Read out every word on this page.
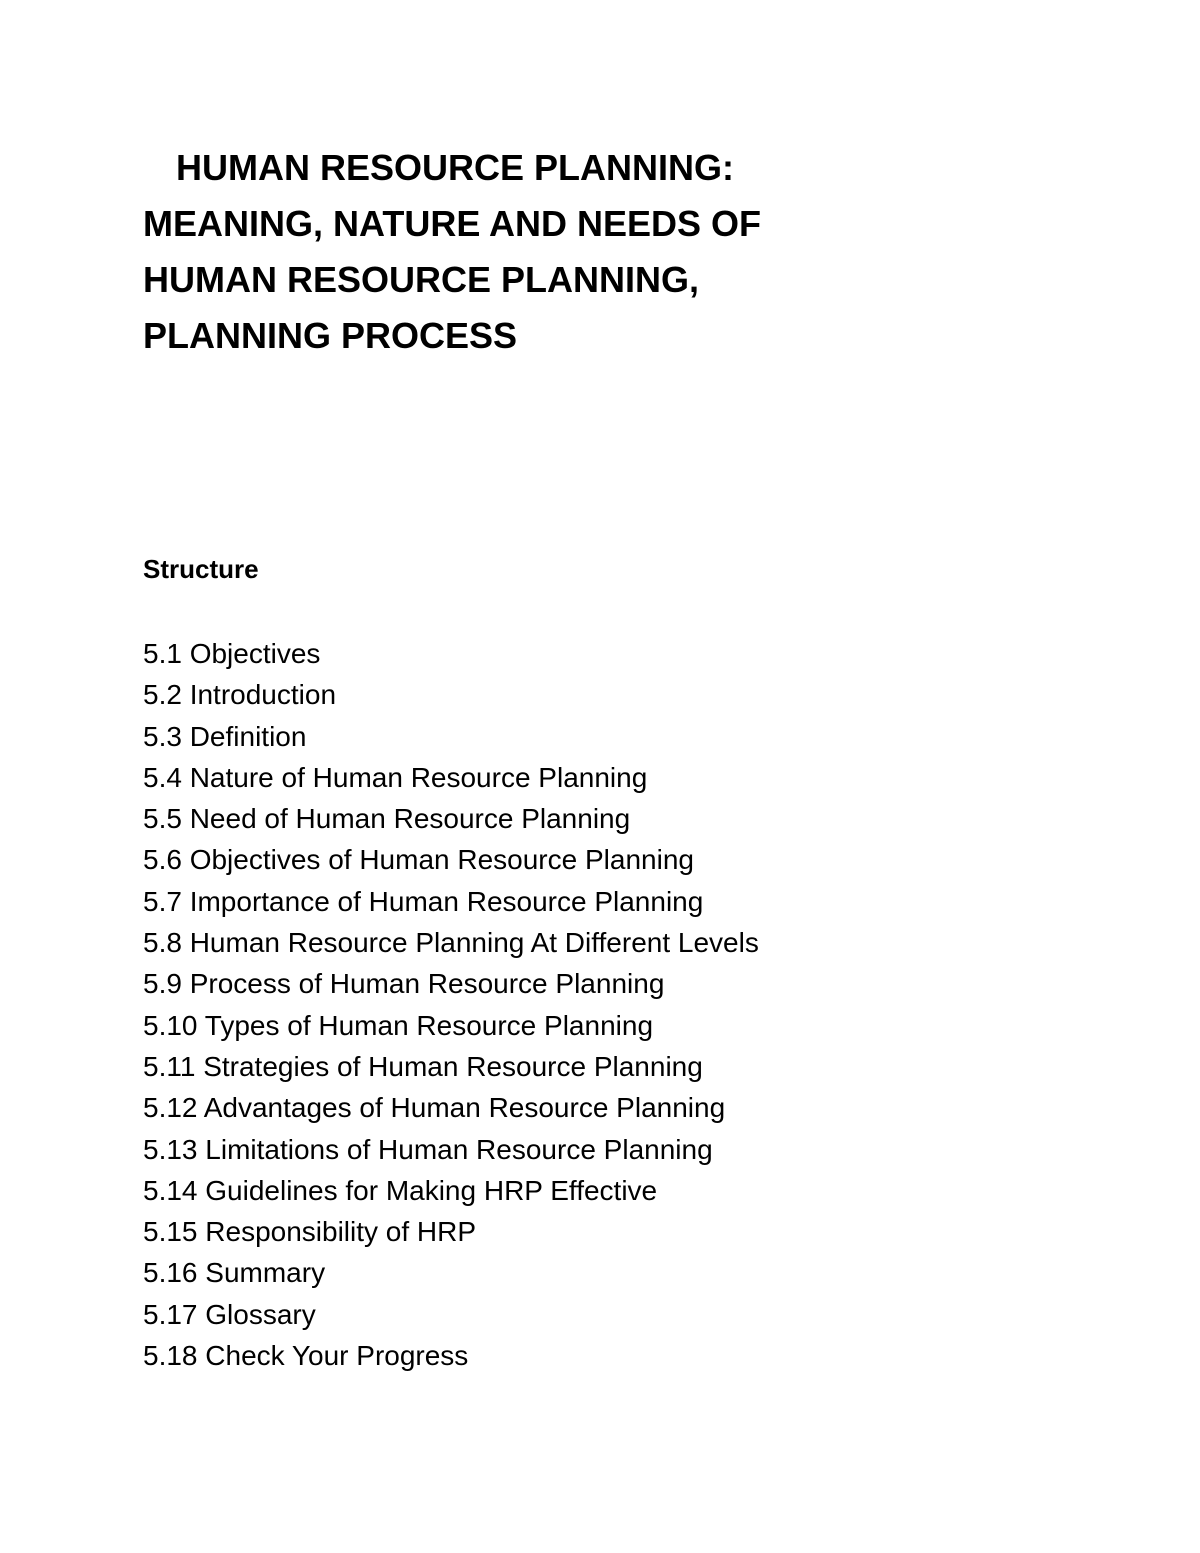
HUMAN RESOURCE PLANNING:
MEANING, NATURE AND NEEDS OF
HUMAN RESOURCE PLANNING,
PLANNING PROCESS
Structure
5.1 Objectives
5.2 Introduction
5.3 Definition
5.4 Nature of Human Resource Planning
5.5 Need of Human Resource Planning
5.6 Objectives of Human Resource Planning
5.7 Importance of Human Resource Planning
5.8 Human Resource Planning At Different Levels
5.9 Process of Human Resource Planning
5.10 Types of Human Resource Planning
5.11 Strategies of Human Resource Planning
5.12 Advantages of Human Resource Planning
5.13 Limitations of Human Resource Planning
5.14 Guidelines for Making HRP Effective
5.15 Responsibility of HRP
5.16 Summary
5.17 Glossary
5.18 Check Your Progress
